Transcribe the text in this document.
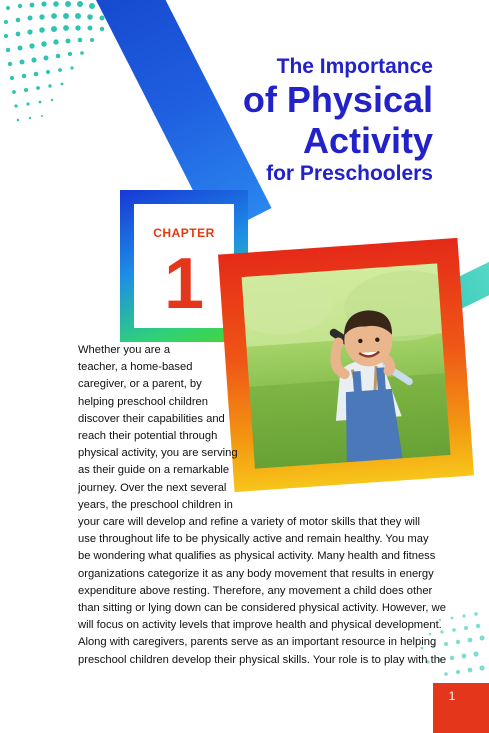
The Importance
of Physical
Activity
for Preschoolers
CHAPTER
1

Whether you are a
teacher, a home-based
caregiver, or a parent, by
helping preschool children
discover their capabilities and
reach their potential through
physical activity, you are serving
as their guide on a remarkable
journey. Over the next several
years, the preschool children in
your care will develop and refine a variety of motor skills that they will
use throughout life to be physically active and remain healthy. You may
be wondering what qualifies as physical activity. Many health and fitness
organizations categorize it as any body movement that results in energy
expenditure above resting. Therefore, any movement a child does other
than sitting or lying down can be considered physical activity. However, we
will focus on activity levels that improve health and physical development.
Along with caregivers, parents serve as an important resource in helping
preschool children develop their physical skills. Your role is to play with the

1
